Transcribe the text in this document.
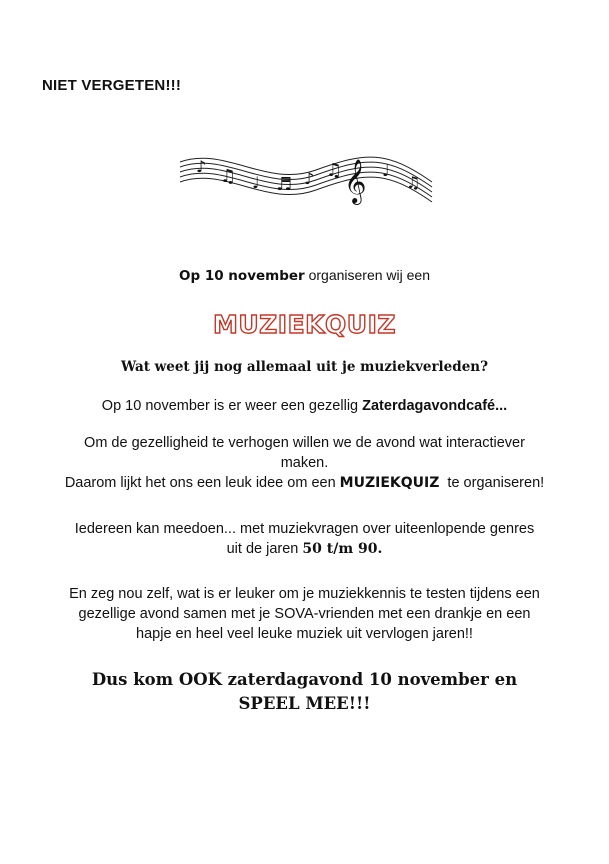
NIET VERGETEN!!!
♪ ♫ ♩ ♬ ♪ ♫ 𝄞 ♩
♫
Op 10 november organiseren wij een
MUZIEKQUIZ
Wat weet jij nog allemaal uit je muziekverleden?
Op 10 november is er weer een gezellig Zaterdagavondcafé...
Om de gezelligheid te verhogen willen we de avond wat interactiever
maken.
Daarom lijkt het ons een leuk idee om een MUZIEKQUIZ  te organiseren!
Iedereen kan meedoen... met muziekvragen over uiteenlopende genres
uit de jaren 50 t/m 90.
En zeg nou zelf, wat is er leuker om je muziekkennis te testen tijdens een
gezellige avond samen met je SOVA-vrienden met een drankje en een
hapje en heel veel leuke muziek uit vervlogen jaren!!
Dus kom OOK zaterdagavond 10 november en
SPEEL MEE!!!
